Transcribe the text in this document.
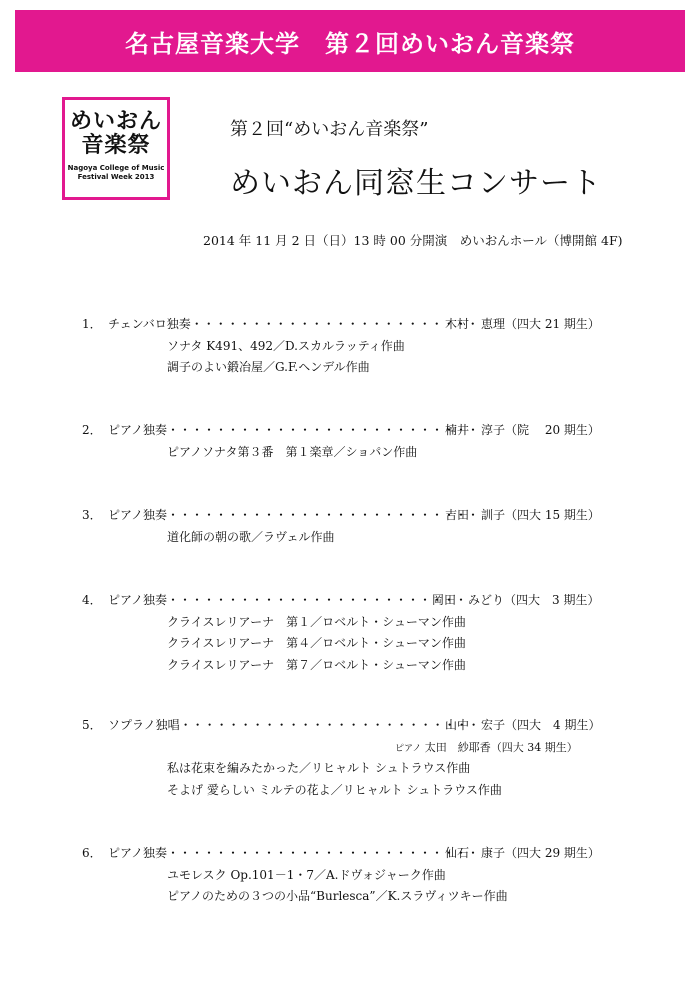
名古屋音楽大学　第２回めいおん音楽祭
めいおん
音楽祭
Nagoya College of Music
Festival Week 2013
第２回“めいおん音楽祭”
めいおん同窓生コンサート
2014 年 11 月 2 日（日）13 時 00 分開演　めいおんホール（博開館 4F)
1． チェンバロ独奏・・・・・・・・・・・・・・・・・・・・・・・・
木村　恵理（四大 21 期生）
ソナタ K491、492／D.スカルラッティ作曲
調子のよい鍛冶屋／G.F.ヘンデル作曲
2． ピアノ独奏・・・・・・・・・・・・・・・・・・・・・・・・・・
楠井　淳子（院　 20 期生）
ピアノソナタ第３番　第１楽章／ショパン作曲
3． ピアノ独奏・・・・・・・・・・・・・・・・・・・・・・・・・・
吉田　訓子（四大 15 期生）
道化師の朝の歌／ラヴェル作曲
4． ピアノ独奏・・・・・・・・・・・・・・・・・・・・・・・・・
岡田　みどり（四大　3 期生）
クライスレリアーナ　第１／ロベルト・シューマン作曲
クライスレリアーナ　第４／ロベルト・シューマン作曲
クライスレリアーナ　第７／ロベルト・シューマン作曲
5． ソプラノ独唱・・・・・・・・・・・・・・・・・・・・・・・・・
山中　宏子（四大　4 期生）
ピアノ 太田　紗耶香（四大 34 期生）
私は花束を編みたかった／リヒャルト シュトラウス作曲
そよげ 愛らしい ミルテの花よ／リヒャルト シュトラウス作曲
6． ピアノ独奏・・・・・・・・・・・・・・・・・・・・・・・・・・
仙石　康子（四大 29 期生）
ユモレスク Op.101－1・7／A.ドヴォジャーク作曲
ピアノのための３つの小品“Burlesca”／K.スラヴィツキー作曲
